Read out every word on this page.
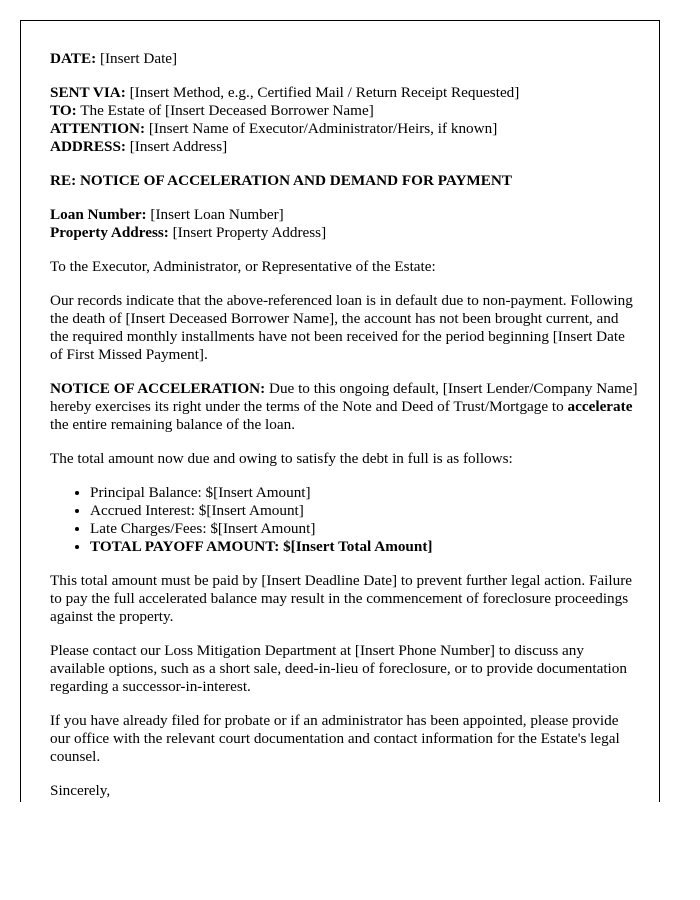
DATE: [Insert Date]

SENT VIA: [Insert Method, e.g., Certified Mail / Return Receipt Requested]

TO: The Estate of [Insert Deceased Borrower Name]

ATTENTION: [Insert Name of Executor/Administrator/Heirs, if known]

ADDRESS: [Insert Address]

RE: NOTICE OF ACCELERATION AND DEMAND FOR PAYMENT

Loan Number: [Insert Loan Number]

Property Address: [Insert Property Address]

To the Executor, Administrator, or Representative of the Estate:

Our records indicate that the above-referenced loan is in default due to non-payment. Following the death of [Insert Deceased Borrower Name], the account has not been brought current, and the required monthly installments have not been received for the period beginning [Insert Date of First Missed Payment].

NOTICE OF ACCELERATION: Due to this ongoing default, [Insert Lender/Company Name] hereby exercises its right under the terms of the Note and Deed of Trust/Mortgage to accelerate the entire remaining balance of the loan.

The total amount now due and owing to satisfy the debt in full is as follows:

• Principal Balance: $[Insert Amount]
• Accrued Interest: $[Insert Amount]
• Late Charges/Fees: $[Insert Amount]
• TOTAL PAYOFF AMOUNT: $[Insert Total Amount]

This total amount must be paid by [Insert Deadline Date] to prevent further legal action. Failure to pay the full accelerated balance may result in the commencement of foreclosure proceedings against the property.

Please contact our Loss Mitigation Department at [Insert Phone Number] to discuss any available options, such as a short sale, deed-in-lieu of foreclosure, or to provide documentation regarding a successor-in-interest.

If you have already filed for probate or if an administrator has been appointed, please provide our office with the relevant court documentation and contact information for the Estate's legal counsel.

Sincerely,
